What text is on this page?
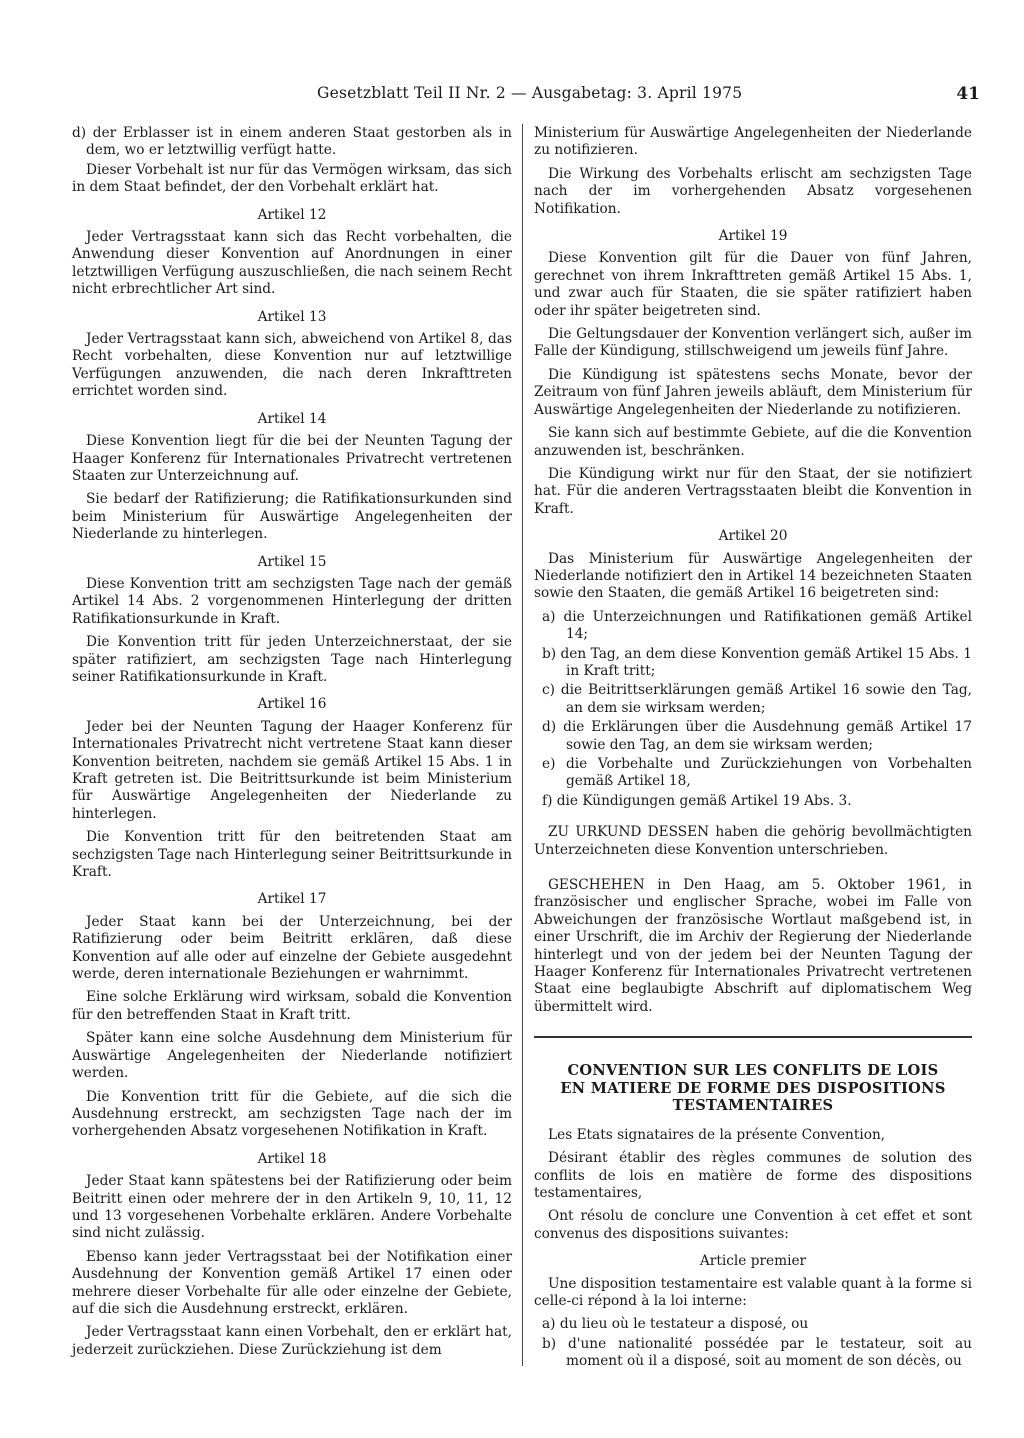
Gesetzblatt Teil II Nr. 2 — Ausgabetag: 3. April 1975	41
d) der Erblasser ist in einem anderen Staat gestorben als in dem, wo er letztwillig verfügt hatte.

Dieser Vorbehalt ist nur für das Vermögen wirksam, das sich in dem Staat befindet, der den Vorbehalt erklärt hat.

Artikel 12

Jeder Vertragsstaat kann sich das Recht vorbehalten, die Anwendung dieser Konvention auf Anordnungen in einer letztwilligen Verfügung auszuschließen, die nach seinem Recht nicht erbrechtlicher Art sind.

Artikel 13

Jeder Vertragsstaat kann sich, abweichend von Artikel 8, das Recht vorbehalten, diese Konvention nur auf letztwillige Verfügungen anzuwenden, die nach deren Inkrafttreten errichtet worden sind.

Artikel 14

Diese Konvention liegt für die bei der Neunten Tagung der Haager Konferenz für Internationales Privatrecht vertretenen Staaten zur Unterzeichnung auf.

Sie bedarf der Ratifizierung; die Ratifikationsurkunden sind beim Ministerium für Auswärtige Angelegenheiten der Niederlande zu hinterlegen.

Artikel 15

Diese Konvention tritt am sechzigsten Tage nach der gemäß Artikel 14 Abs. 2 vorgenommenen Hinterlegung der dritten Ratifikationsurkunde in Kraft.

Die Konvention tritt für jeden Unterzeichnerstaat, der sie später ratifiziert, am sechzigsten Tage nach Hinterlegung seiner Ratifikationsurkunde in Kraft.

Artikel 16

Jeder bei der Neunten Tagung der Haager Konferenz für Internationales Privatrecht nicht vertretene Staat kann dieser Konvention beitreten, nachdem sie gemäß Artikel 15 Abs. 1 in Kraft getreten ist. Die Beitrittsurkunde ist beim Ministerium für Auswärtige Angelegenheiten der Niederlande zu hinterlegen.

Die Konvention tritt für den beitretenden Staat am sechzigsten Tage nach Hinterlegung seiner Beitrittsurkunde in Kraft.

Artikel 17

Jeder Staat kann bei der Unterzeichnung, bei der Ratifizierung oder beim Beitritt erklären, daß diese Konvention auf alle oder auf einzelne der Gebiete ausgedehnt werde, deren internationale Beziehungen er wahrnimmt.

Eine solche Erklärung wird wirksam, sobald die Konvention für den betreffenden Staat in Kraft tritt.

Später kann eine solche Ausdehnung dem Ministerium für Auswärtige Angelegenheiten der Niederlande notifiziert werden.

Die Konvention tritt für die Gebiete, auf die sich die Ausdehnung erstreckt, am sechzigsten Tage nach der im vorhergehenden Absatz vorgesehenen Notifikation in Kraft.

Artikel 18

Jeder Staat kann spätestens bei der Ratifizierung oder beim Beitritt einen oder mehrere der in den Artikeln 9, 10, 11, 12 und 13 vorgesehenen Vorbehalte erklären. Andere Vorbehalte sind nicht zulässig.

Ebenso kann jeder Vertragsstaat bei der Notifikation einer Ausdehnung der Konvention gemäß Artikel 17 einen oder mehrere dieser Vorbehalte für alle oder einzelne der Gebiete, auf die sich die Ausdehnung erstreckt, erklären.

Jeder Vertragsstaat kann einen Vorbehalt, den er erklärt hat, jederzeit zurückziehen. Diese Zurückziehung ist dem

Ministerium für Auswärtige Angelegenheiten der Niederlande zu notifizieren.

Die Wirkung des Vorbehalts erlischt am sechzigsten Tage nach der im vorhergehenden Absatz vorgesehenen Notifikation.

Artikel 19

Diese Konvention gilt für die Dauer von fünf Jahren, gerechnet von ihrem Inkrafttreten gemäß Artikel 15 Abs. 1, und zwar auch für Staaten, die sie später ratifiziert haben oder ihr später beigetreten sind.

Die Geltungsdauer der Konvention verlängert sich, außer im Falle der Kündigung, stillschweigend um jeweils fünf Jahre.

Die Kündigung ist spätestens sechs Monate, bevor der Zeitraum von fünf Jahren jeweils abläuft, dem Ministerium für Auswärtige Angelegenheiten der Niederlande zu notifizieren.

Sie kann sich auf bestimmte Gebiete, auf die die Konvention anzuwenden ist, beschränken.

Die Kündigung wirkt nur für den Staat, der sie notifiziert hat. Für die anderen Vertragsstaaten bleibt die Konvention in Kraft.

Artikel 20

Das Ministerium für Auswärtige Angelegenheiten der Niederlande notifiziert den in Artikel 14 bezeichneten Staaten sowie den Staaten, die gemäß Artikel 16 beigetreten sind:

a) die Unterzeichnungen und Ratifikationen gemäß Artikel 14;
b) den Tag, an dem diese Konvention gemäß Artikel 15 Abs. 1 in Kraft tritt;
c) die Beitrittserklärungen gemäß Artikel 16 sowie den Tag, an dem sie wirksam werden;
d) die Erklärungen über die Ausdehnung gemäß Artikel 17 sowie den Tag, an dem sie wirksam werden;
e) die Vorbehalte und Zurückziehungen von Vorbehalten gemäß Artikel 18,
f) die Kündigungen gemäß Artikel 19 Abs. 3.

ZU URKUND DESSEN haben die gehörig bevollmächtigten Unterzeichneten diese Konvention unterschrieben.

GESCHEHEN in Den Haag, am 5. Oktober 1961, in französischer und englischer Sprache, wobei im Falle von Abweichungen der französische Wortlaut maßgebend ist, in einer Urschrift, die im Archiv der Regierung der Niederlande hinterlegt und von der jedem bei der Neunten Tagung der Haager Konferenz für Internationales Privatrecht vertretenen Staat eine beglaubigte Abschrift auf diplomatischem Weg übermittelt wird.

CONVENTION SUR LES CONFLITS DE LOIS
EN MATIERE DE FORME DES DISPOSITIONS
TESTAMENTAIRES

Les Etats signataires de la présente Convention,

Désirant établir des règles communes de solution des conflits de lois en matière de forme des dispositions testamentaires,

Ont résolu de conclure une Convention à cet effet et sont convenus des dispositions suivantes:

Article premier

Une disposition testamentaire est valable quant à la forme si celle-ci répond à la loi interne:

a) du lieu où le testateur a disposé, ou
b) d'une nationalité possédée par le testateur, soit au moment où il a disposé, soit au moment de son décès, ou
